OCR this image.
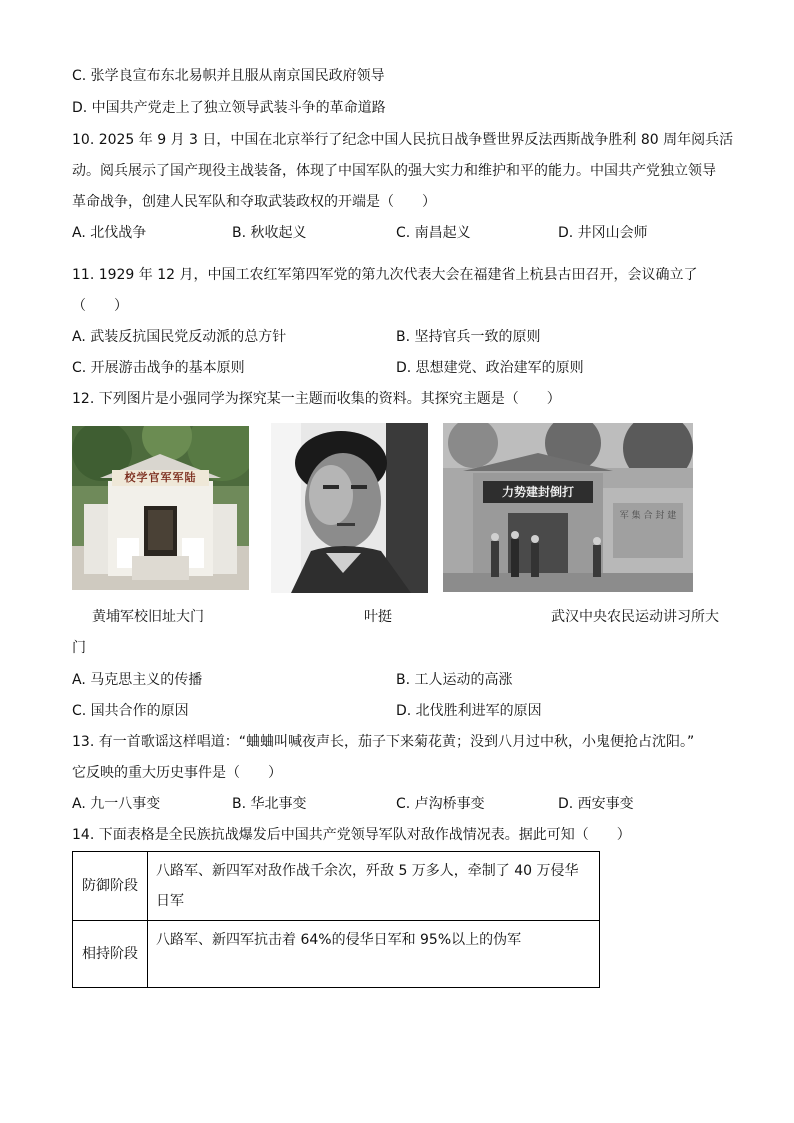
C. 张学良宣布东北易帜并且服从南京国民政府领导
D. 中国共产党走上了独立领导武装斗争的革命道路
10. 2025 年 9 月 3 日，中国在北京举行了纪念中国人民抗日战争暨世界反法西斯战争胜利 80 周年阅兵活
动。阅兵展示了国产现役主战装备，体现了中国军队的强大实力和维护和平的能力。中国共产党独立领导
革命战争，创建人民军队和夺取武装政权的开端是（　　）
A. 北伐战争	B. 秋收起义	C. 南昌起义	D. 井冈山会师
11. 1929 年 12 月，中国工农红军第四军党的第九次代表大会在福建省上杭县古田召开，会议确立了
（　　）
A. 武装反抗国民党反动派的总方针	B. 坚持官兵一致的原则
C. 开展游击战争的基本原则	D. 思想建党、政治建军的原则
12. 下列图片是小强同学为探究某一主题而收集的资料。其探究主题是（　　）
校学官军军陆
力势建封倒打
军 集 合 封 建
黄埔军校旧址大门	叶挺	武汉中央农民运动讲习所大
门
A. 马克思主义的传播	B. 工人运动的高涨
C. 国共合作的原因	D. 北伐胜利进军的原因
13. 有一首歌谣这样唱道：“蛐蛐叫喊夜声长，茄子下来菊花黄；没到八月过中秋，小鬼便抢占沈阳。”
它反映的重大历史事件是（　　）
A. 九一八事变	B. 华北事变	C. 卢沟桥事变	D. 西安事变
14. 下面表格是全民族抗战爆发后中国共产党领导军队对敌作战情况表。据此可知（　　）
防御阶段	八路军、新四军对敌作战千余次，歼敌 5 万多人，牵制了 40 万侵华日军
相持阶段	八路军、新四军抗击着 64%的侵华日军和 95%以上的伪军
